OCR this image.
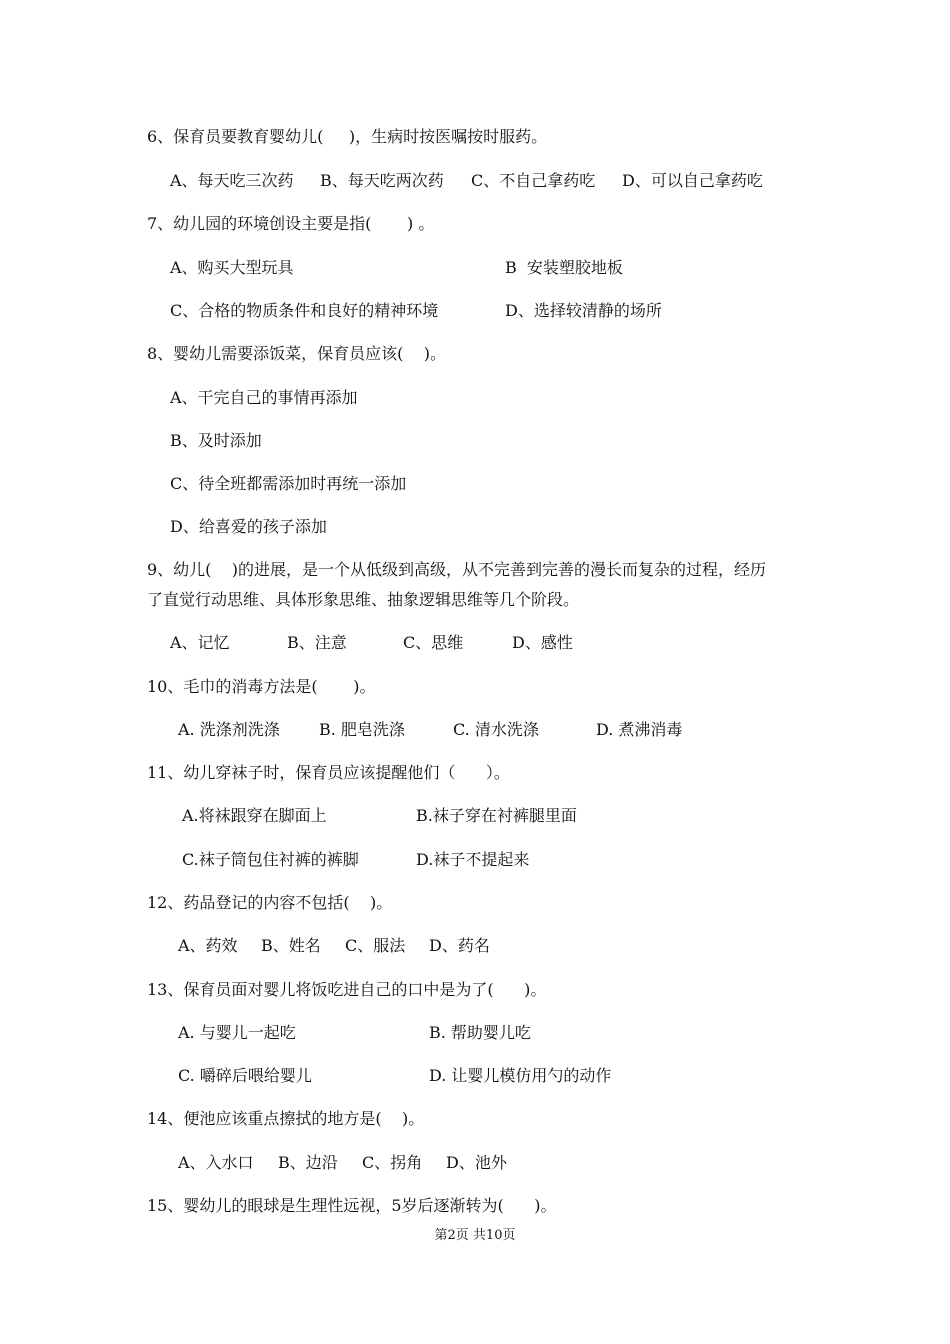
6、保育员要教育婴幼儿(     )，生病时按医嘱按时服药。
A、每天吃三次药 B、每天吃两次药 C、不自己拿药吃 D、可以自己拿药吃
7、幼儿园的环境创设主要是指(       ) 。
A、购买大型玩具	B  安装塑胶地板
C、合格的物质条件和良好的精神环境	D、选择较清静的场所
8、婴幼儿需要添饭菜，保育员应该(    )。
A、干完自己的事情再添加
B、及时添加
C、待全班都需添加时再统一添加
D、给喜爱的孩子添加
9、幼儿(    )的进展，是一个从低级到高级，从不完善到完善的漫长而复杂的过程，经历
了直觉行动思维、具体形象思维、抽象逻辑思维等几个阶段。
A、记忆	B、注意	C、思维	D、感性
10、毛巾的消毒方法是(       )。
A. 洗涤剂洗涤 B. 肥皂洗涤	C. 清水洗涤	D. 煮沸消毒
11、幼儿穿袜子时，保育员应该提醒他们（      ）。
A.将袜跟穿在脚面上	B.袜子穿在衬裤腿里面
C.袜子筒包住衬裤的裤脚	D.袜子不提起来
12、药品登记的内容不包括(    )。
A、药效 B、姓名 C、服法 D、药名
13、保育员面对婴儿将饭吃进自己的口中是为了(      )。
A. 与婴儿一起吃	B. 帮助婴儿吃
C. 嚼碎后喂给婴儿	D. 让婴儿模仿用勺的动作
14、便池应该重点擦拭的地方是(    )。
A、入水口 B、边沿 C、拐角 D、池外
15、婴幼儿的眼球是生理性远视，5岁后逐渐转为(      )。
第2页 共10页
